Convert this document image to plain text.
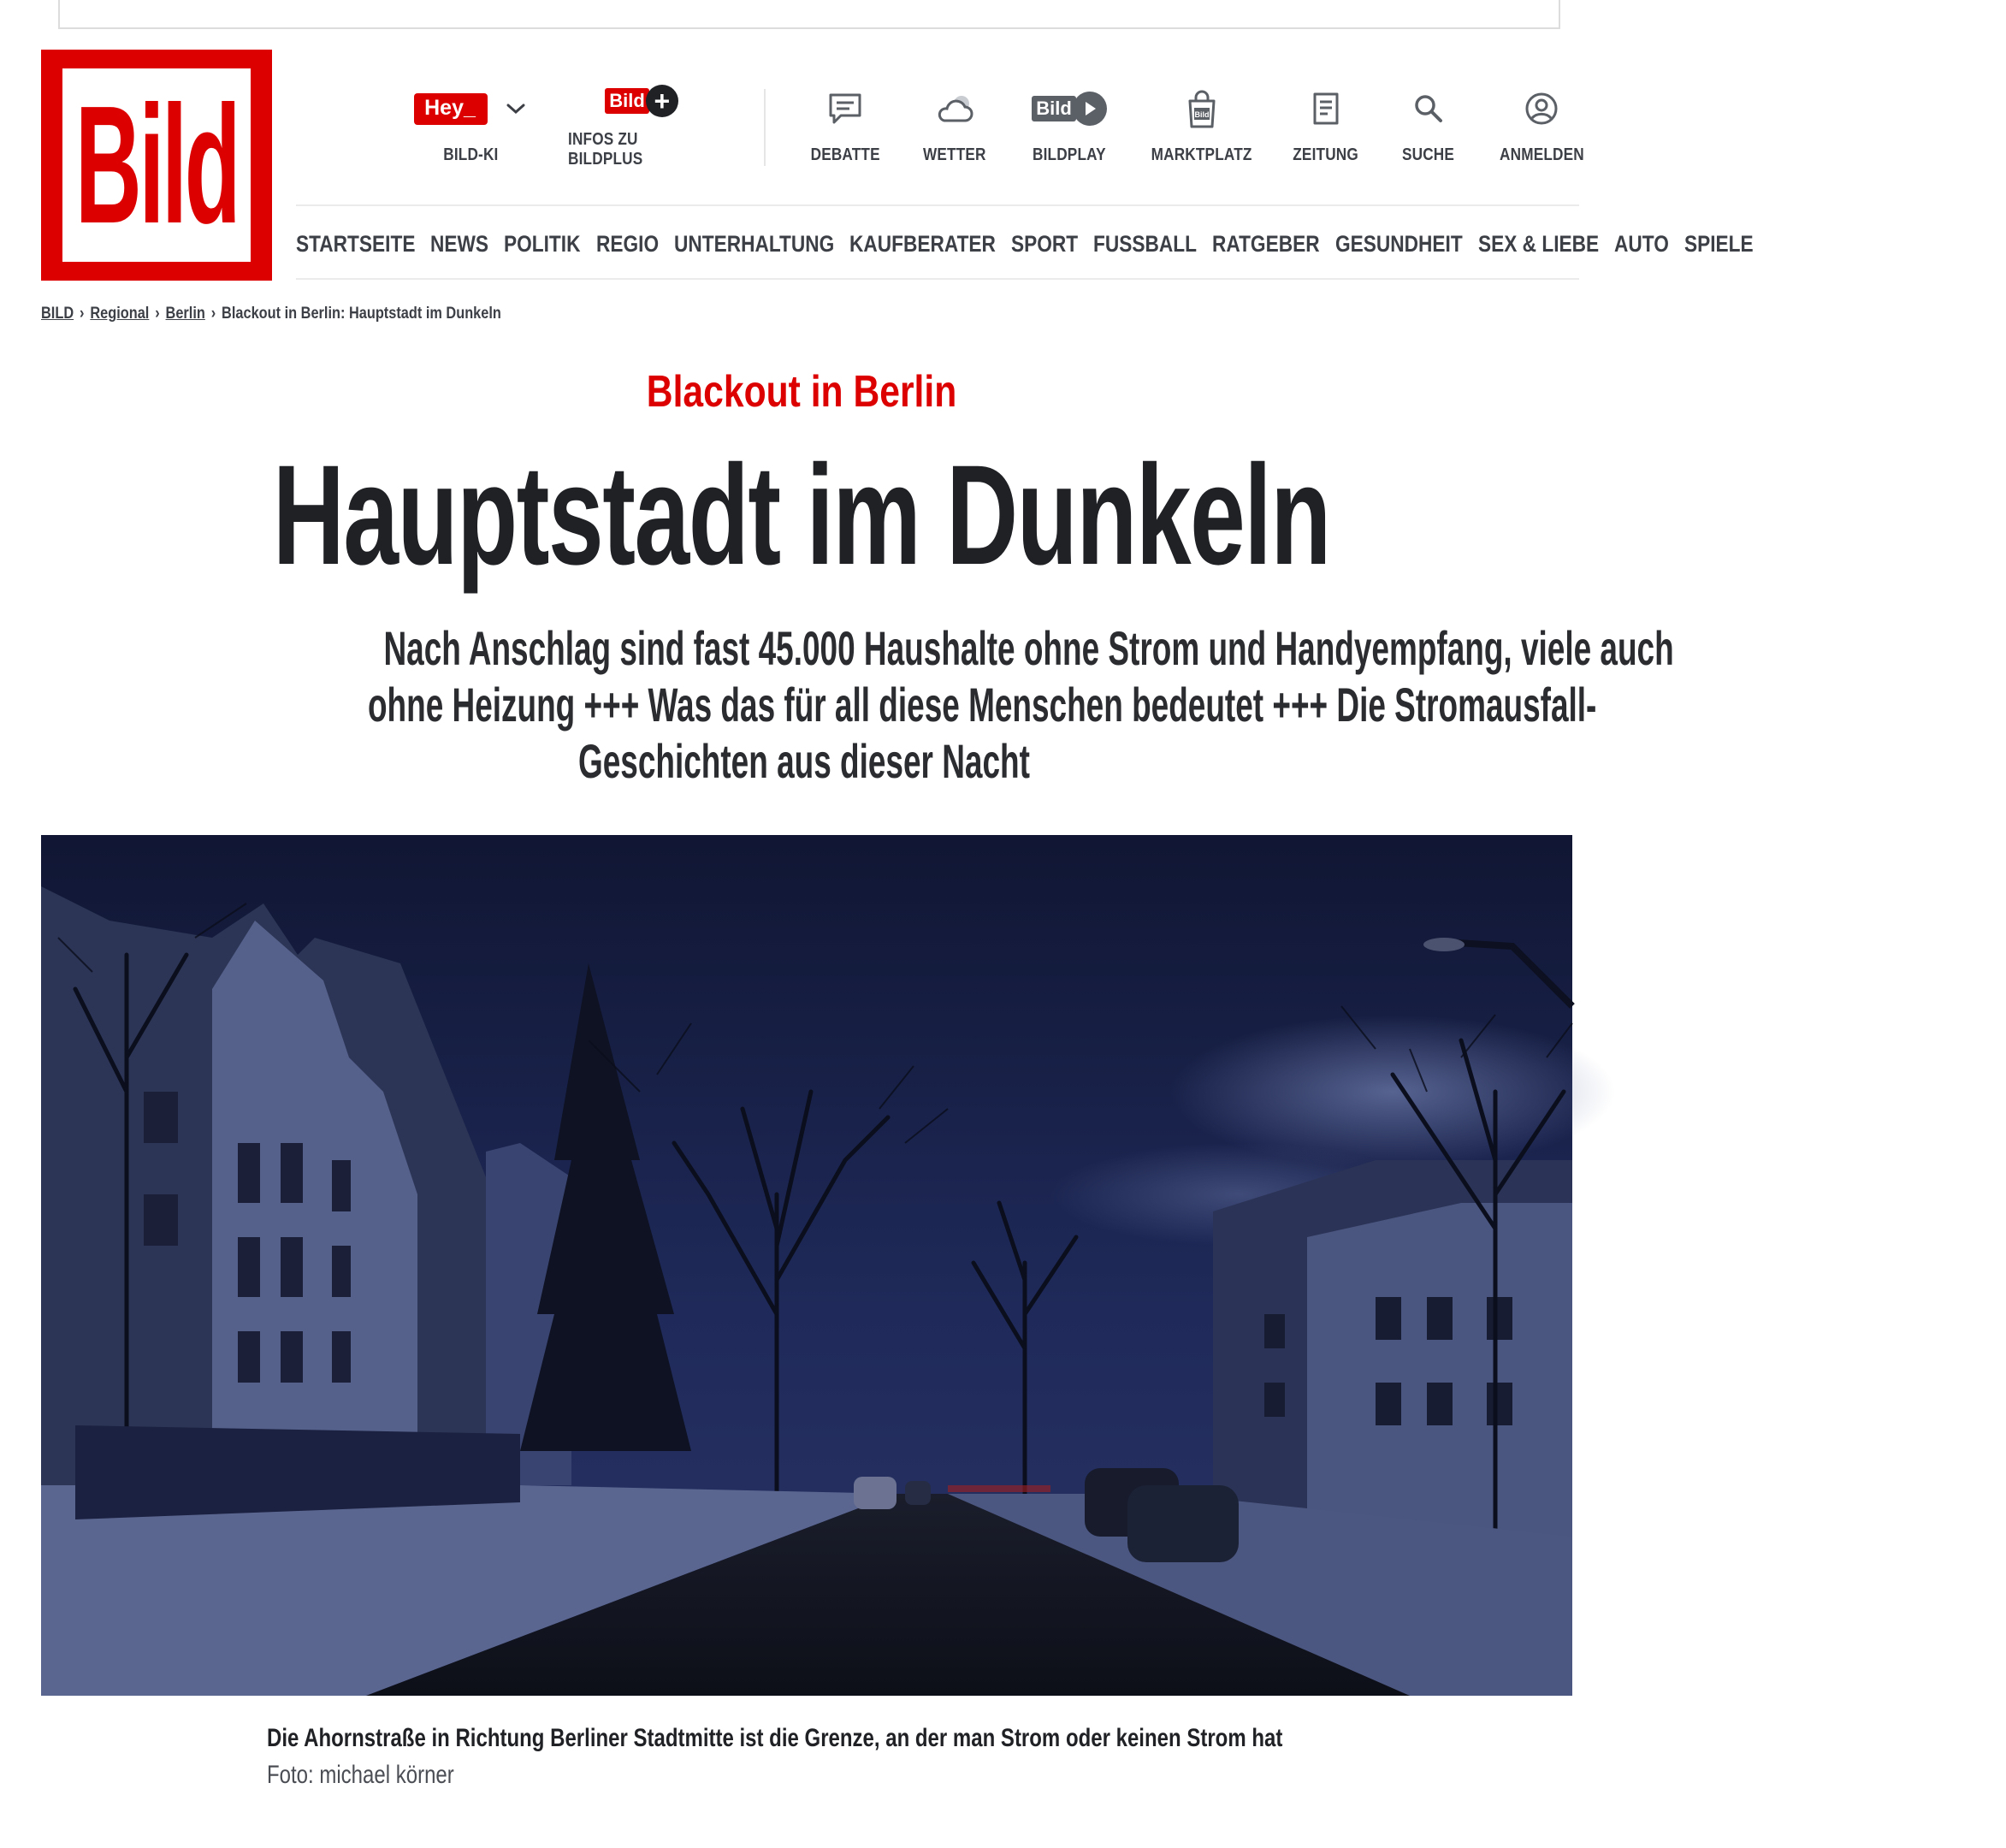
Bild	Hey_
BILD-KI
Bild +
INFOS ZU BILDPLUS	DEBATTE	WETTER
Bild
BILDPLAY
Bild
MARKTPLATZ	ZEITUNG	SUCHE	ANMELDEN
STARTSEITE NEWS POLITIK REGIO UNTERHALTUNG KAUFBERATER SPORT FUSSBALL RATGEBER GESUNDHEIT SEX & LIEBE AUTO SPIELE
BILD › Regional › Berlin › Blackout in Berlin: Hauptstadt im Dunkeln
Blackout in Berlin
Hauptstadt im Dunkeln
Nach Anschlag sind fast 45.000 Haushalte ohne Strom und Handyempfang, viele auch
ohne Heizung +++ Was das für all diese Menschen bedeutet +++ Die Stromausfall-
Geschichten aus dieser Nacht
Die Ahornstraße in Richtung Berliner Stadtmitte ist die Grenze, an der man Strom oder keinen Strom hat
Foto: michael körner
